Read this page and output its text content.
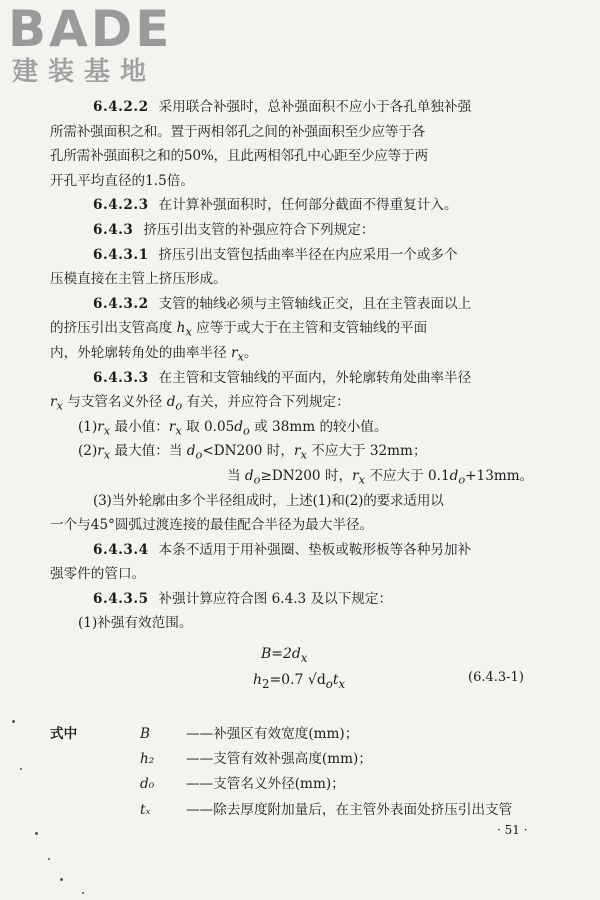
BADE
建装基地
6.4.2.2 采用联合补强时，总补强面积不应小于各孔单独补强
所需补强面积之和。置于两相邻孔之间的补强面积至少应等于各
孔所需补强面积之和的50%，且此两相邻孔中心距至少应等于两
开孔平均直径的1.5倍。
6.4.2.3 在计算补强面积时，任何部分截面不得重复计入。
6.4.3 挤压引出支管的补强应符合下列规定：
6.4.3.1 挤压引出支管包括曲率半径在内应采用一个或多个
压模直接在主管上挤压形成。
6.4.3.2 支管的轴线必须与主管轴线正交，且在主管表面以上
的挤压引出支管高度 $h_x$ 应等于或大于在主管和支管轴线的平面
内，外轮廓转角处的曲率半径 $r_x$。
6.4.3.3 在主管和支管轴线的平面内，外轮廓转角处曲率半径
$r_x$ 与支管名义外径 $d_o$ 有关，并应符合下列规定：
$(1)r_x$ 最小值：$r_x$ 取 $0.05d_o$ 或 38mm 的较小值。
$(2)r_x$ 最大值：当 $d_o<DN200$ 时，$r_x$ 不应大于 32mm；
当 $d_o\ge DN200$ 时，$r_x$ 不应大于 $0.1d_o+13mm$。
(3)当外轮廓由多个半径组成时，上述(1)和(2)的要求适用以
一个与45°圆弧过渡连接的最佳配合半径为最大半径。
6.4.3.4 本条不适用于用补强圈、垫板或鞍形板等各种另加补
强零件的管口。
6.4.3.5 补强计算应符合图 6.4.3 及以下规定：
(1)补强有效范围。
$B=2d_x$
$h_2=0.7$ $√d_ot_x$	(6.4.3-1)
式中	B	——补强区有效宽度(mm)；
h₂ ——支管有效补强高度(mm)；
d₀ ——支管名义外径(mm)；
tₓ	——除去厚度附加量后，在主管外表面处挤压引出支管
· 51 ·
